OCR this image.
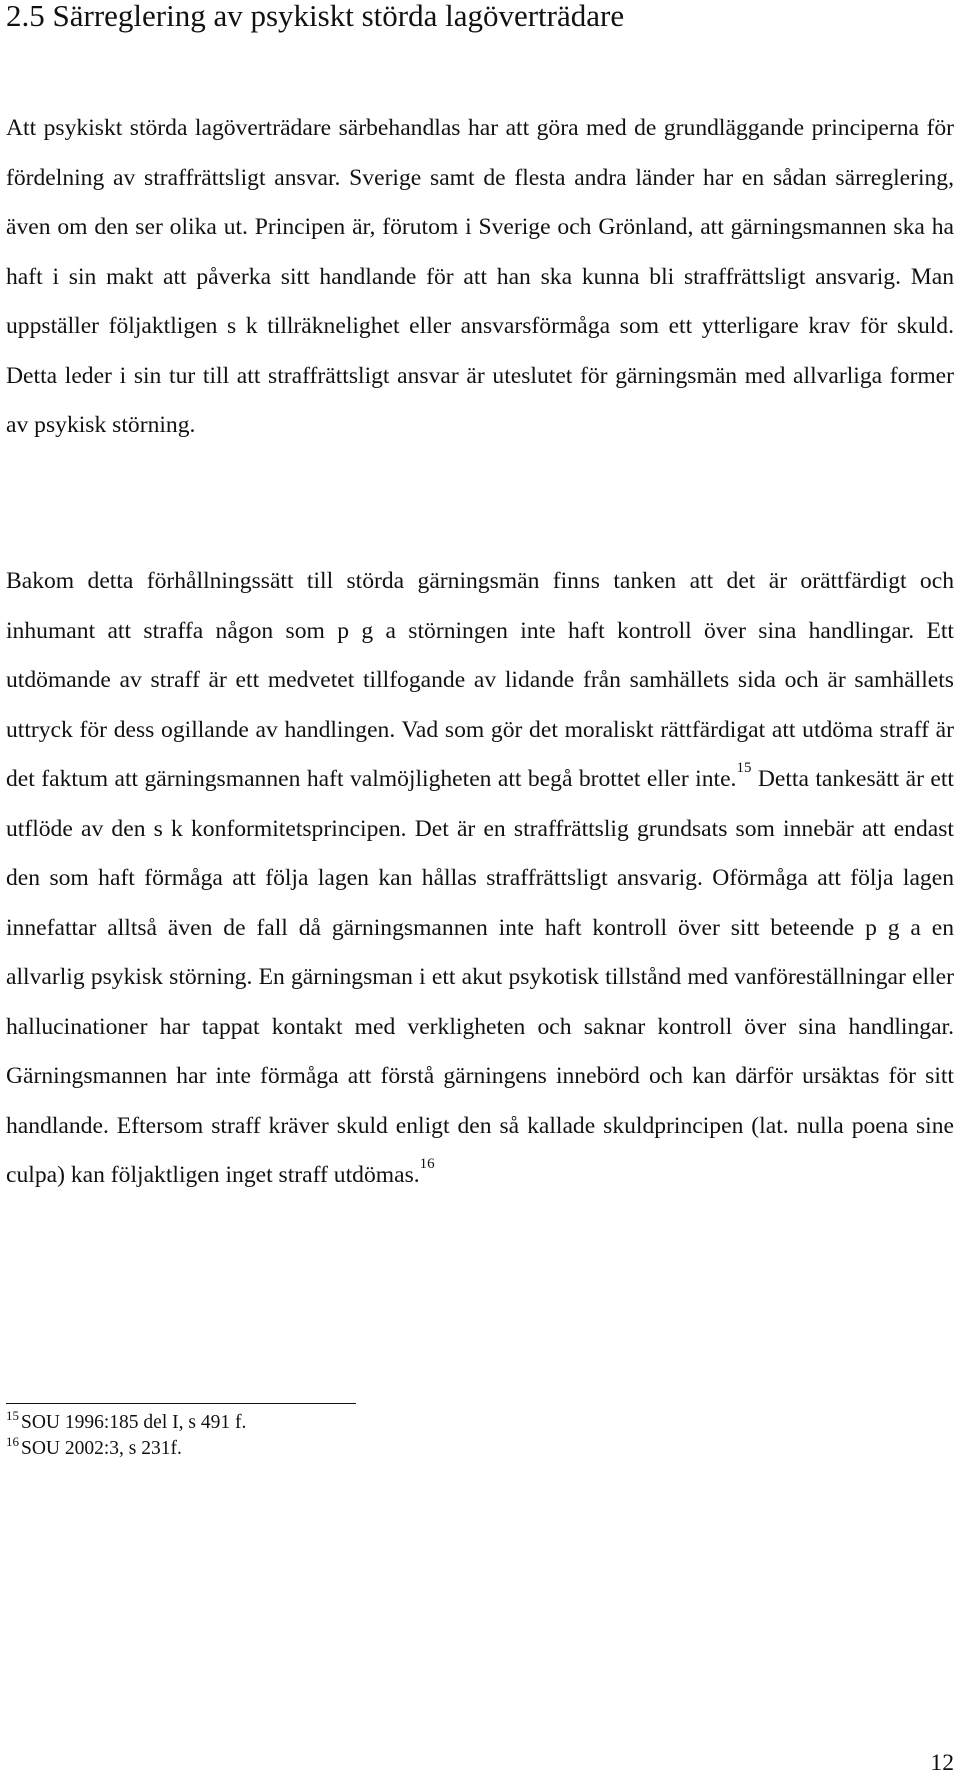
2.5 Särreglering av psykiskt störda lagöverträdare

Att psykiskt störda lagöverträdare särbehandlas har att göra med de grundläggande principerna för fördelning av straffrättsligt ansvar. Sverige samt de flesta andra länder har en sådan särreglering, även om den ser olika ut. Principen är, förutom i Sverige och Grönland, att gärningsmannen ska ha haft i sin makt att påverka sitt handlande för att han ska kunna bli straffrättsligt ansvarig. Man uppställer följaktligen s k tillräknelighet eller ansvarsförmåga som ett ytterligare krav för skuld. Detta leder i sin tur till att straffrättsligt ansvar är uteslutet för gärningsmän med allvarliga former av psykisk störning.

Bakom detta förhållningssätt till störda gärningsmän finns tanken att det är orättfärdigt och inhumant att straffa någon som p g a störningen inte haft kontroll över sina handlingar. Ett utdömande av straff är ett medvetet tillfogande av lidande från samhällets sida och är samhällets uttryck för dess ogillande av handlingen. Vad som gör det moraliskt rättfärdigat att utdöma straff är det faktum att gärningsmannen haft valmöjligheten att begå brottet eller inte.$^{15}$ Detta tankesätt är ett utflöde av den s k konformitetsprincipen. Det är en straffrättslig grundsats som innebär att endast den som haft förmåga att följa lagen kan hållas straffrättsligt ansvarig. Oförmåga att följa lagen innefattar alltså även de fall då gärningsmannen inte haft kontroll över sitt beteende p g a en allvarlig psykisk störning. En gärningsman i ett akut psykotisk tillstånd med vanföreställningar eller hallucinationer har tappat kontakt med verkligheten och saknar kontroll över sina handlingar. Gärningsmannen har inte förmåga att förstå gärningens innebörd och kan därför ursäktas för sitt handlande. Eftersom straff kräver skuld enligt den så kallade skuldprincipen (lat. nulla poena sine culpa) kan följaktligen inget straff utdömas.$^{16}$

$^{15}$ SOU 1996:185 del I, s 491 f.
$^{16}$ SOU 2002:3, s 231f.
12
